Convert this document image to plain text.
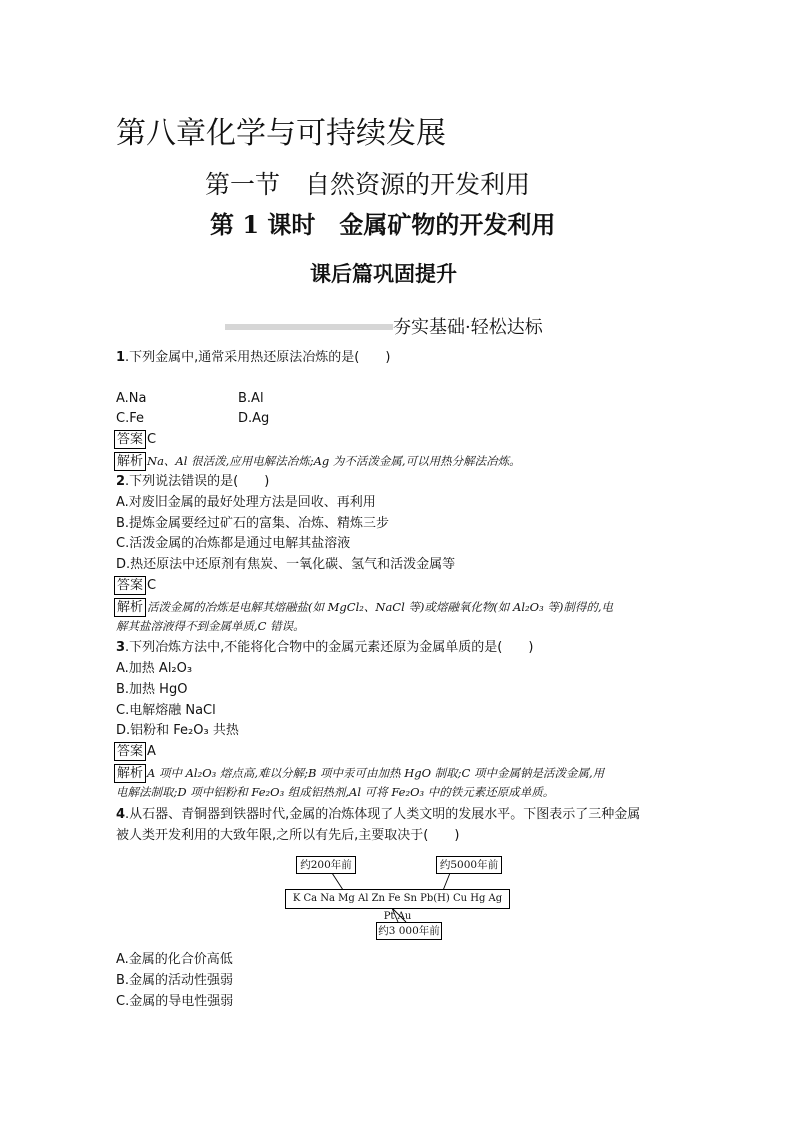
第八章化学与可持续发展
第一节　自然资源的开发利用
第 1 课时　金属矿物的开发利用
课后篇巩固提升
夯实基础·轻松达标
1.下列金属中,通常采用热还原法冶炼的是(　　)
A.Na	B.Al
C.Fe	D.Ag
答案 C
解析 Na、Al 很活泼,应用电解法冶炼;Ag 为不活泼金属,可以用热分解法冶炼。
2.下列说法错误的是(　　)
A.对废旧金属的最好处理方法是回收、再利用
B.提炼金属要经过矿石的富集、冶炼、精炼三步
C.活泼金属的冶炼都是通过电解其盐溶液
D.热还原法中还原剂有焦炭、一氧化碳、氢气和活泼金属等
答案 C
解析 活泼金属的冶炼是电解其熔融盐(如 MgCl₂、NaCl 等)或熔融氧化物(如 Al₂O₃ 等)制得的,电
解其盐溶液得不到金属单质,C 错误。
3.下列冶炼方法中,不能将化合物中的金属元素还原为金属单质的是(　　)
A.加热 Al₂O₃
B.加热 HgO
C.电解熔融 NaCl
D.铝粉和 Fe₂O₃ 共热
答案 A
解析 A 项中 Al₂O₃ 熔点高,难以分解;B 项中汞可由加热 HgO 制取;C 项中金属钠是活泼金属,用
电解法制取;D 项中铝粉和 Fe₂O₃ 组成铝热剂,Al 可将 Fe₂O₃ 中的铁元素还原成单质。
4.从石器、青铜器到铁器时代,金属的冶炼体现了人类文明的发展水平。下图表示了三种金属
被人类开发利用的大致年限,之所以有先后,主要取决于(　　)
约200年前	约5000年前
K Ca Na Mg Al Zn Fe Sn Pb(H) Cu Hg Ag Pt Au
约3 000年前
A.金属的化合价高低
B.金属的活动性强弱
C.金属的导电性强弱
